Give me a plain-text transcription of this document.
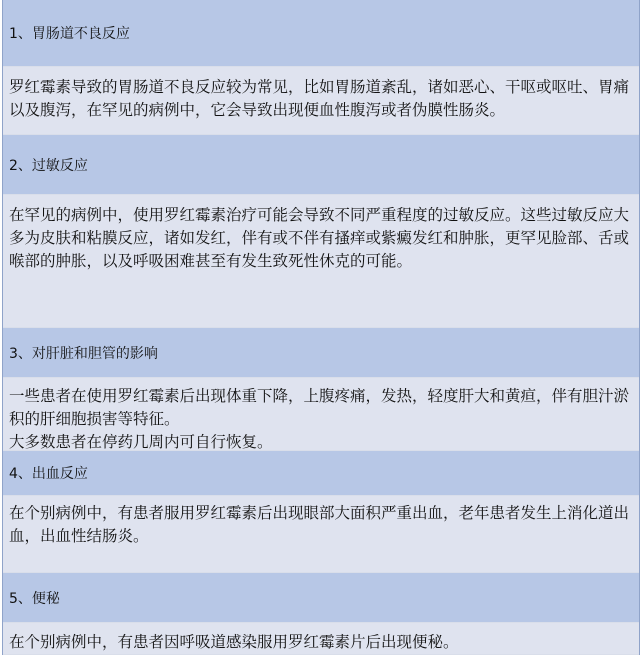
1、胃肠道不良反应
罗红霉素导致的胃肠道不良反应较为常见，比如胃肠道紊乱，诸如恶心、干呕或呕吐、胃痛以及腹泻，在罕见的病例中，它会导致出现便血性腹泻或者伪膜性肠炎。
2、过敏反应
在罕见的病例中，使用罗红霉素治疗可能会导致不同严重程度的过敏反应。这些过敏反应大多为皮肤和粘膜反应，诸如发红，伴有或不伴有搔痒或紫癜发红和肿胀，更罕见脸部、舌或喉部的肿胀，以及呼吸困难甚至有发生致死性休克的可能。
3、对肝脏和胆管的影响
一些患者在使用罗红霉素后出现体重下降，上腹疼痛，发热，轻度肝大和黄疸，伴有胆汁淤积的肝细胞损害等特征。
大多数患者在停药几周内可自行恢复。
4、出血反应
在个别病例中，有患者服用罗红霉素后出现眼部大面积严重出血，老年患者发生上消化道出血，出血性结肠炎。
5、便秘
在个别病例中，有患者因呼吸道感染服用罗红霉素片后出现便秘。
